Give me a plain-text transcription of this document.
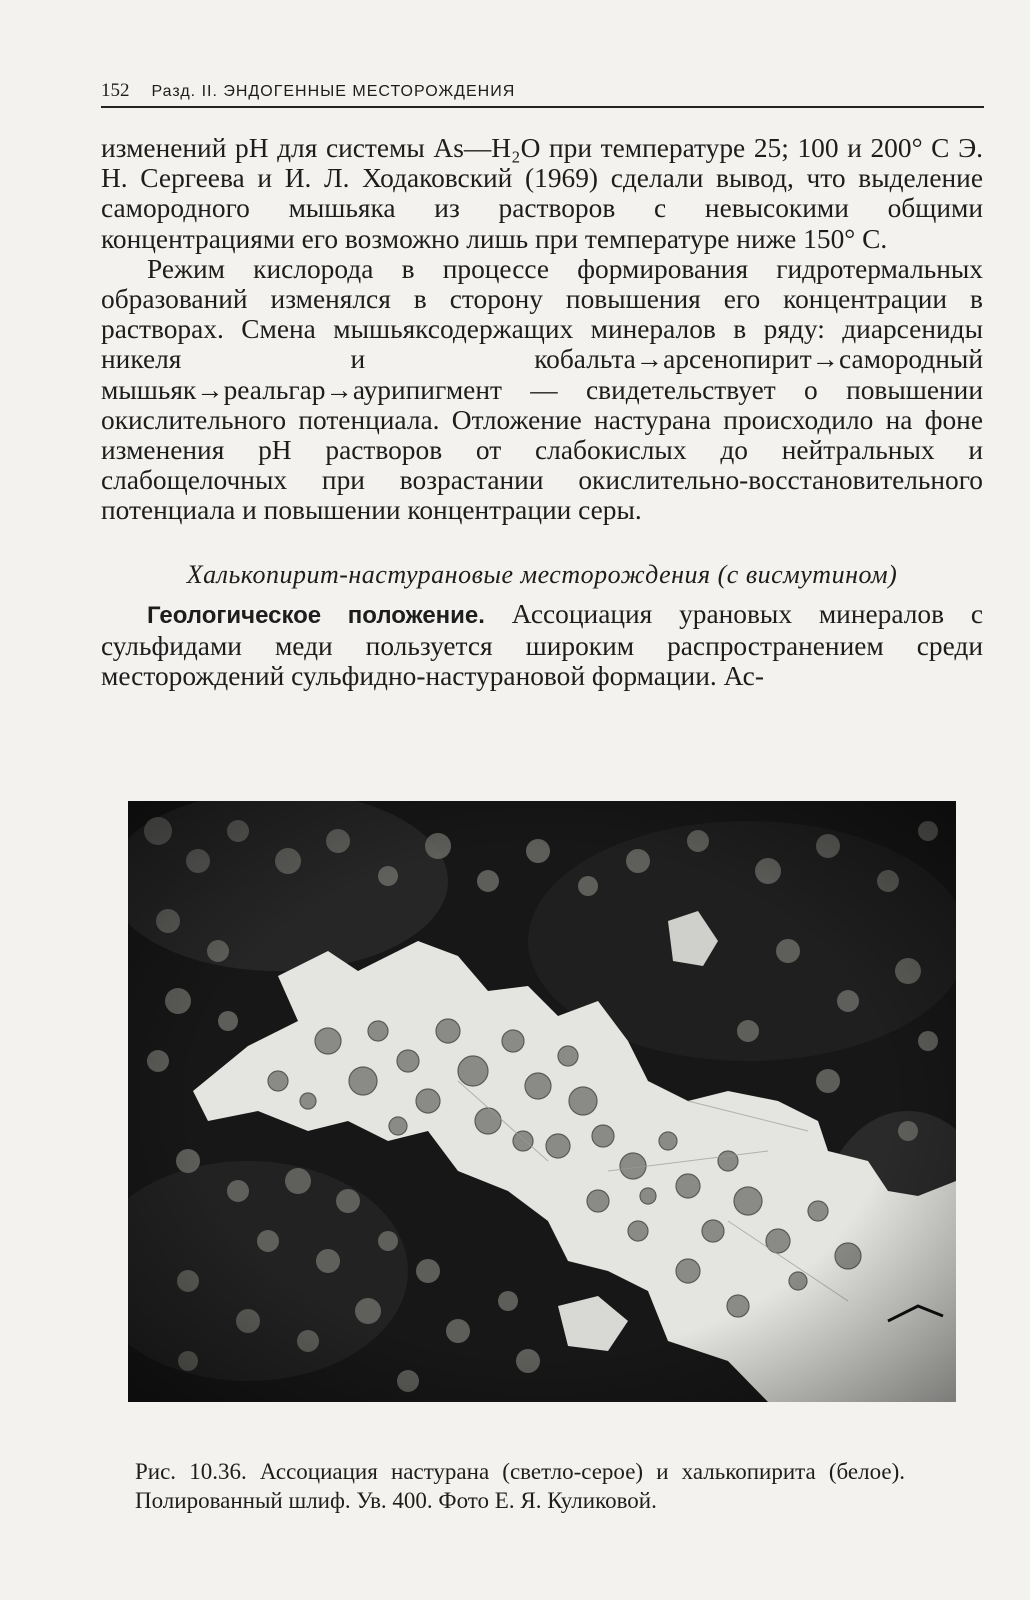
152 Разд. II. ЭНДОГЕННЫЕ МЕСТОРОЖДЕНИЯ

изменений pH для системы As—H₂O при температуре 25; 100 и 200° С Э. Н. Сергеева и И. Л. Ходаковский (1969) сделали вывод, что выделение самородного мышьяка из растворов с невысокими общими концентрациями его возможно лишь при температуре ниже 150° С.

Режим кислорода в процессе формирования гидротермальных образований изменялся в сторону повышения его концентрации в растворах. Смена мышьяксодержащих минералов в ряду: диарсениды никеля и кобальта→арсенопирит→самородный мышьяк→реальгар→аурипигмент — свидетельствует о повышении окислительного потенциала. Отложение настурана происходило на фоне изменения pH растворов от слабокислых до нейтральных и слабощелочных при возрастании окислительно-восстановительного потенциала и повышении концентрации серы.

Халькопирит-настурановые месторождения (с висмутином)

Геологическое положение. Ассоциация урановых минералов с сульфидами меди пользуется широким распространением среди месторождений сульфидно-настурановой формации. Ас-

Рис. 10.36. Ассоциация настурана (светло-серое) и халькопирита (белое). Полированный шлиф. Ув. 400. Фото Е. Я. Куликовой.
